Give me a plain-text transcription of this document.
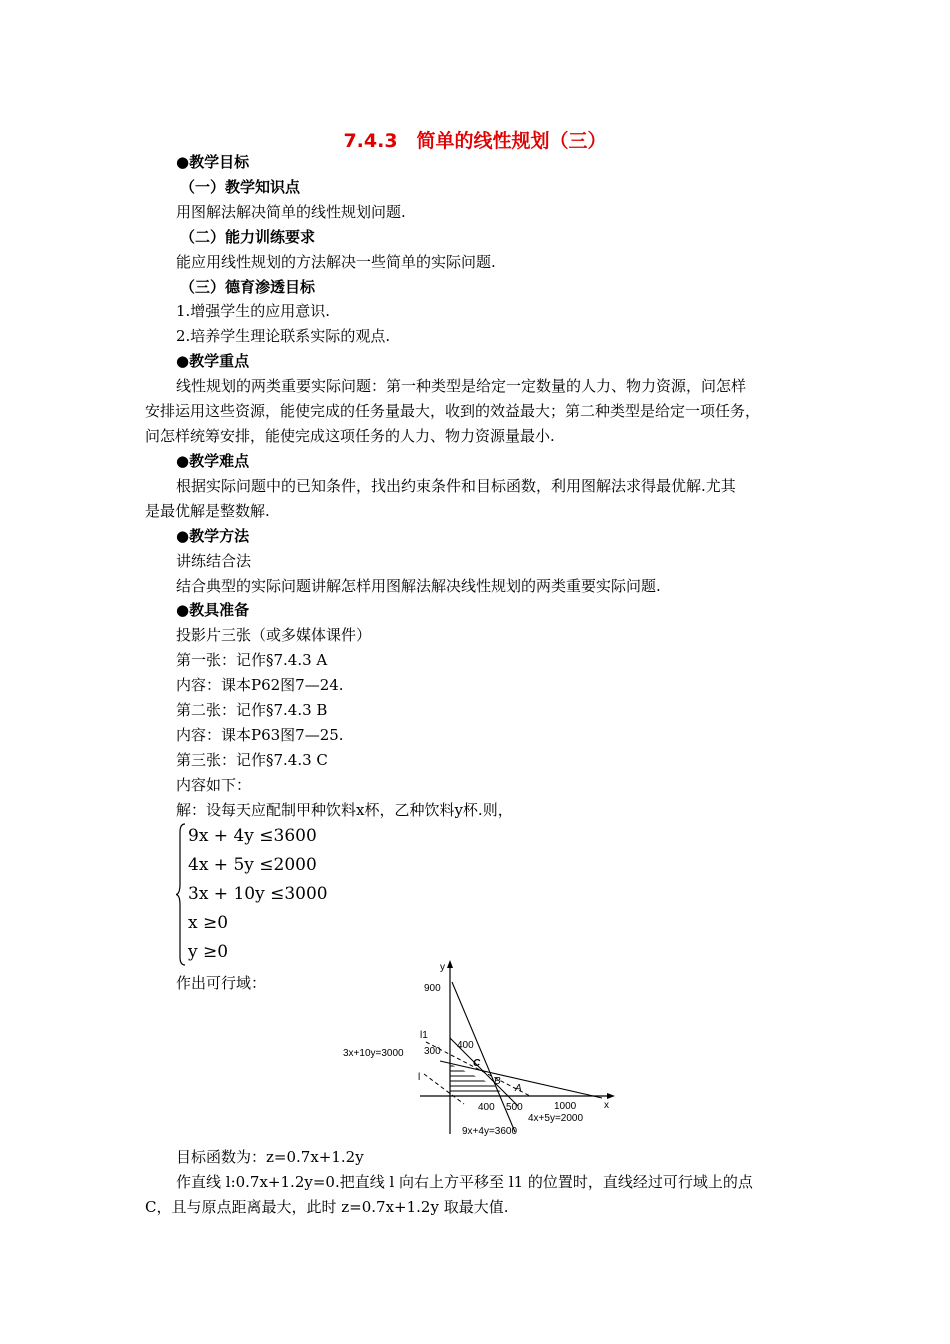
7.4.3　简单的线性规划（三）
●教学目标
（一）教学知识点
用图解法解决简单的线性规划问题.
（二）能力训练要求
能应用线性规划的方法解决一些简单的实际问题.
（三）德育渗透目标
1.增强学生的应用意识.
2.培养学生理论联系实际的观点.
●教学重点
线性规划的两类重要实际问题：第一种类型是给定一定数量的人力、物力资源，问怎样
安排运用这些资源，能使完成的任务量最大，收到的效益最大；第二种类型是给定一项任务，
问怎样统筹安排，能使完成这项任务的人力、物力资源量最小.
●教学难点
根据实际问题中的已知条件，找出约束条件和目标函数，利用图解法求得最优解.尤其
是最优解是整数解.
●教学方法
讲练结合法
结合典型的实际问题讲解怎样用图解法解决线性规划的两类重要实际问题.
●教具准备
投影片三张（或多媒体课件）
第一张：记作§7.4.3 A
内容：课本P62图7—24.
第二张：记作§7.4.3 B
内容：课本P63图7—25.
第三张：记作§7.4.3 C
内容如下：
解：设每天应配制甲种饮料x杯，乙种饮料y杯.则，
9x + 4y ≤3600
4x + 5y ≤2000
3x + 10y ≤3000
x ≥0
y ≥0
作出可行域：
y
900
400
300
l1
l
3x+10y=3000
C
B
A
400 500	1000	x
4x+5y=2000
9x+4y=3600
目标函数为：z=0.7x+1.2y
作直线 l:0.7x+1.2y=0.把直线 l 向右上方平移至 l1 的位置时，直线经过可行域上的点
C，且与原点距离最大，此时 z=0.7x+1.2y 取最大值.
